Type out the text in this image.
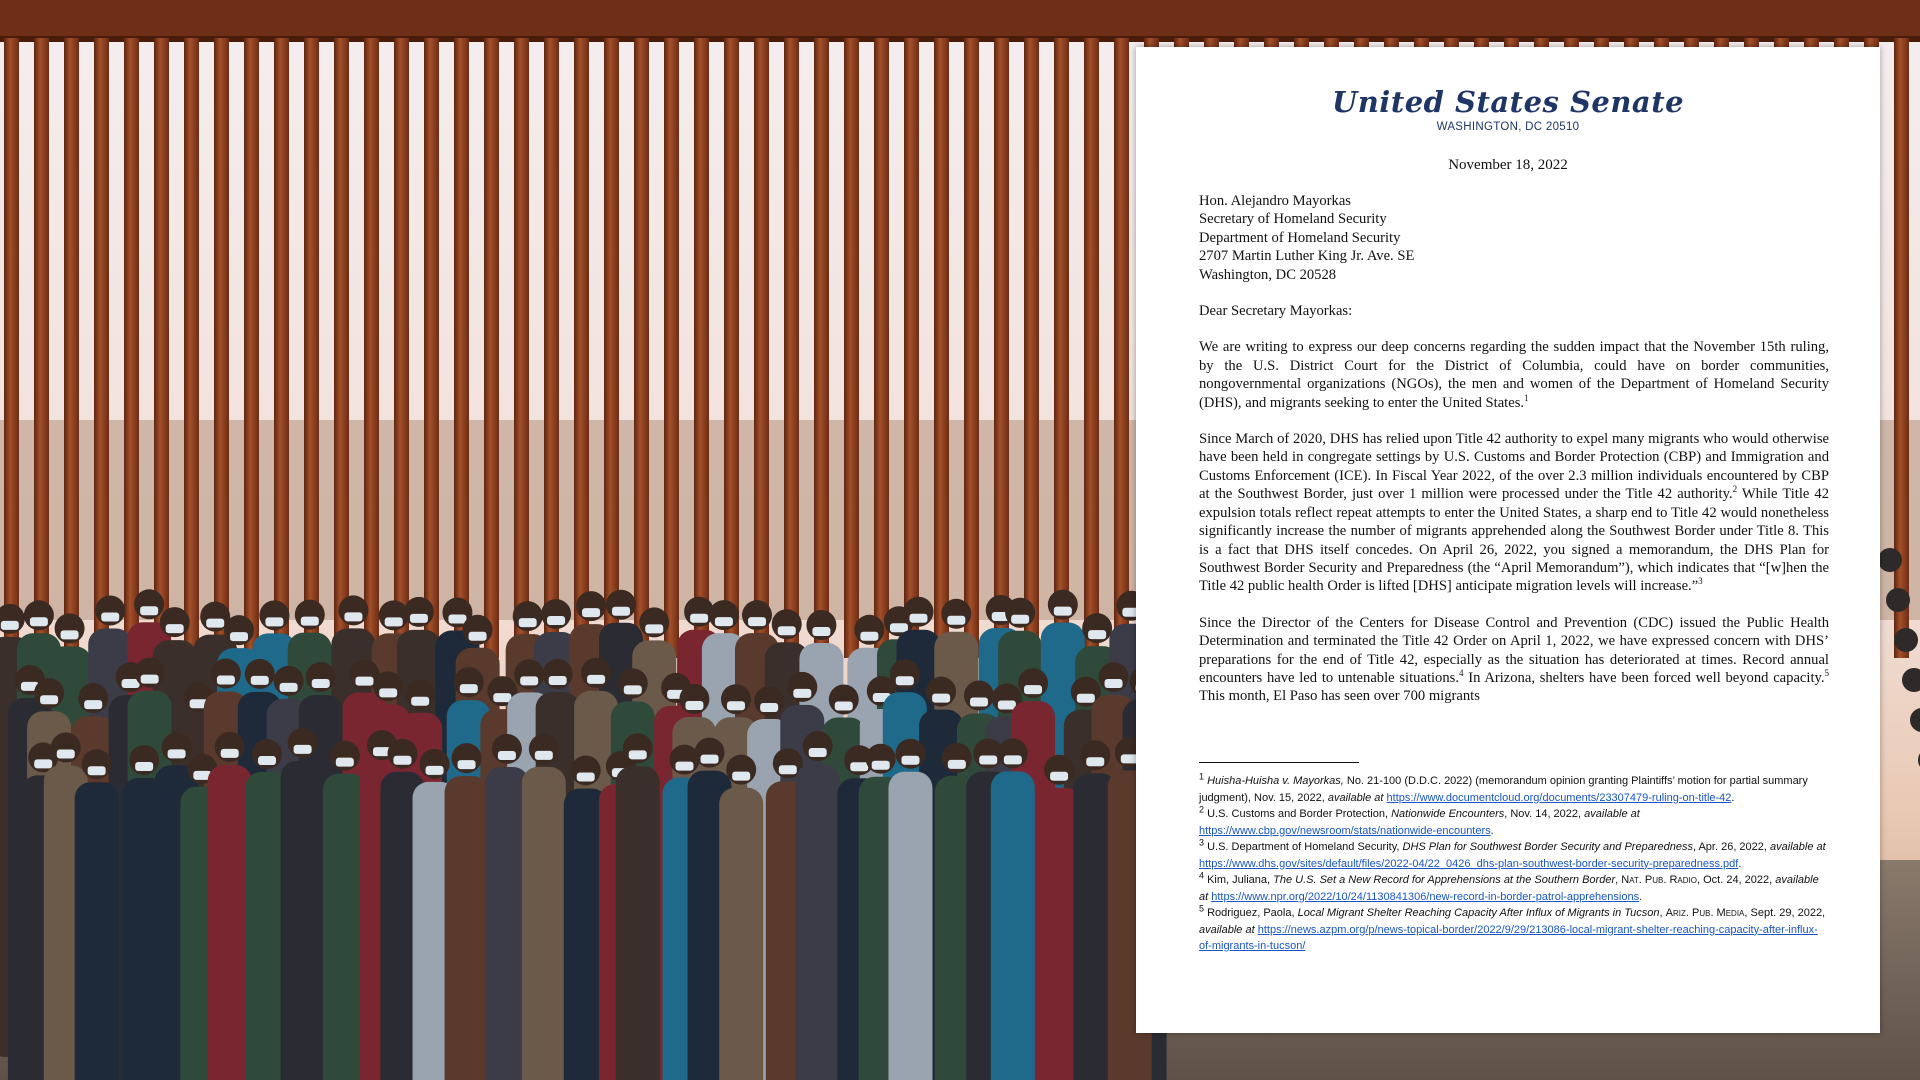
United States Senate
WASHINGTON, DC 20510
November 18, 2022
Hon. Alejandro Mayorkas
Secretary of Homeland Security
Department of Homeland Security
2707 Martin Luther King Jr. Ave. SE
Washington, DC 20528
Dear Secretary Mayorkas:
We are writing to express our deep concerns regarding the sudden impact that the November 15th ruling, by the U.S. District Court for the District of Columbia, could have on border communities, nongovernmental organizations (NGOs), the men and women of the Department of Homeland Security (DHS), and migrants seeking to enter the United States.$^1$
Since March of 2020, DHS has relied upon Title 42 authority to expel many migrants who would otherwise have been held in congregate settings by U.S. Customs and Border Protection (CBP) and Immigration and Customs Enforcement (ICE). In Fiscal Year 2022, of the over 2.3 million individuals encountered by CBP at the Southwest Border, just over 1 million were processed under the Title 42 authority.$^2$ While Title 42 expulsion totals reflect repeat attempts to enter the United States, a sharp end to Title 42 would nonetheless significantly increase the number of migrants apprehended along the Southwest Border under Title 8. This is a fact that DHS itself concedes. On April 26, 2022, you signed a memorandum, the DHS Plan for Southwest Border Security and Preparedness (the “April Memorandum”), which indicates that “[w]hen the Title 42 public health Order is lifted [DHS] anticipate migration levels will increase.”$^3$
Since the Director of the Centers for Disease Control and Prevention (CDC) issued the Public Health Determination and terminated the Title 42 Order on April 1, 2022, we have expressed concern with DHS’ preparations for the end of Title 42, especially as the situation has deteriorated at times. Record annual encounters have led to untenable situations.$^4$ In Arizona, shelters have been forced well beyond capacity.$^5$ This month, El Paso has seen over 700 migrants
$^1$ Huisha-Huisha v. Mayorkas, No. 21-100 (D.D.C. 2022) (memorandum opinion granting Plaintiffs’ motion for partial summary judgment), Nov. 15, 2022, available at https://www.documentcloud.org/documents/23307479-ruling-on-title-42.
$^2$ U.S. Customs and Border Protection, Nationwide Encounters, Nov. 14, 2022, available at https://www.cbp.gov/newsroom/stats/nationwide-encounters.
$^3$ U.S. Department of Homeland Security, DHS Plan for Southwest Border Security and Preparedness, Apr. 26, 2022, available at https://www.dhs.gov/sites/default/files/2022-04/22_0426_dhs-plan-southwest-border-security-preparedness.pdf.
$^4$ Kim, Juliana, The U.S. Set a New Record for Apprehensions at the Southern Border, Nat. Pub. Radio, Oct. 24, 2022, available at https://www.npr.org/2022/10/24/1130841306/new-record-in-border-patrol-apprehensions.
$^5$ Rodriguez, Paola, Local Migrant Shelter Reaching Capacity After Influx of Migrants in Tucson, Ariz. Pub. Media, Sept. 29, 2022, available at https://news.azpm.org/p/news-topical-border/2022/9/29/213086-local-migrant-shelter-reaching-capacity-after-influx-of-migrants-in-tucson/
